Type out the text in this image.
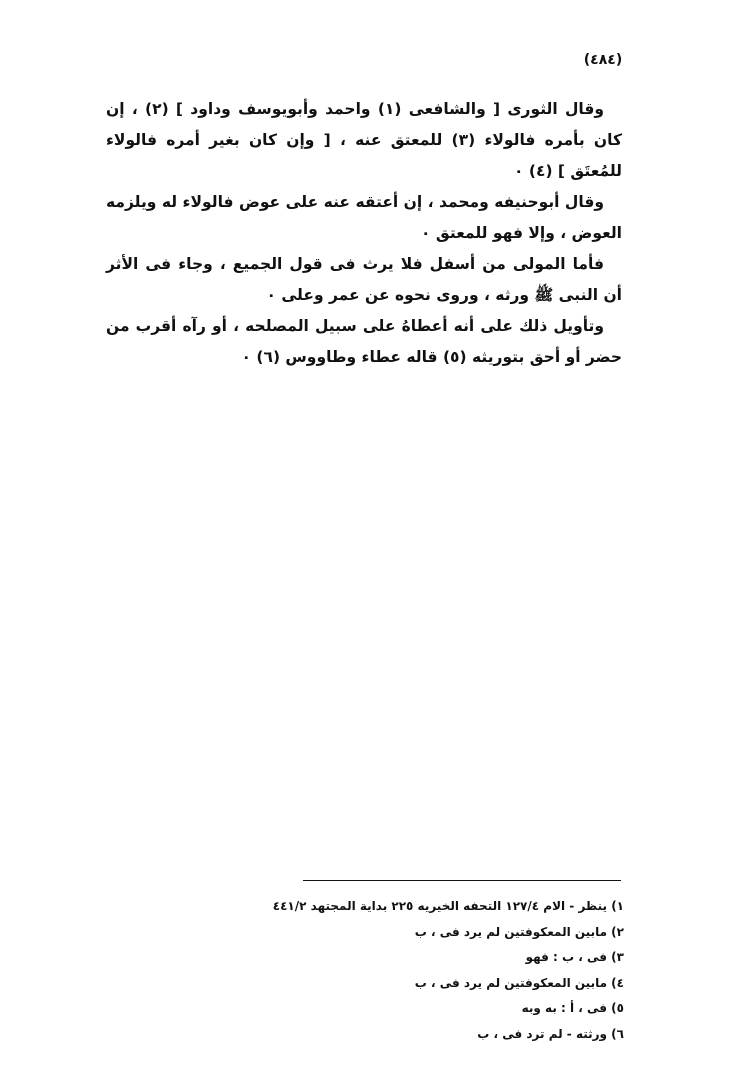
(٤٨٤)

وقال الثورى [ والشافعى (١) واحمد وأبويوسف وداود ] (٢) ، إن كان بأمره فالولاء (٣) للمعتق عنه ، [ وإن كان بغير أمره فالولاء للمُعتَق ] (٤) ٠

وقال أبوحنيفه ومحمد ، إن أعتقه عنه على عوض فالولاء له ويلزمه العوض ، وإلا فهو للمعتق ٠

فأما المولى من أسفل فلا يرث فى قول الجميع ، وجاء فى الأثر أن النبى ﷺ ورثه ، وروى نحوه عن عمر وعلى ٠

وتأويل ذلك على أنه أعطاهُ على سبيل المصلحه ، أو رآه أقرب من حضر أو أحق بتوريثه (٥) قاله عطاء وطاووس (٦) ٠

١) ينظر - الام ١٢٧/٤ التحفه الخيريه ٢٢٥ بداية المجتهد ٤٤١/٢
٢) مابين المعكوفتين لم يرد فى ، ب
٣) فى ، ب : فهو
٤) مابين المعكوفتين لم يرد فى ، ب
٥) فى ، أ : به وبه
٦) ورثته - لم ترد فى ، ب
